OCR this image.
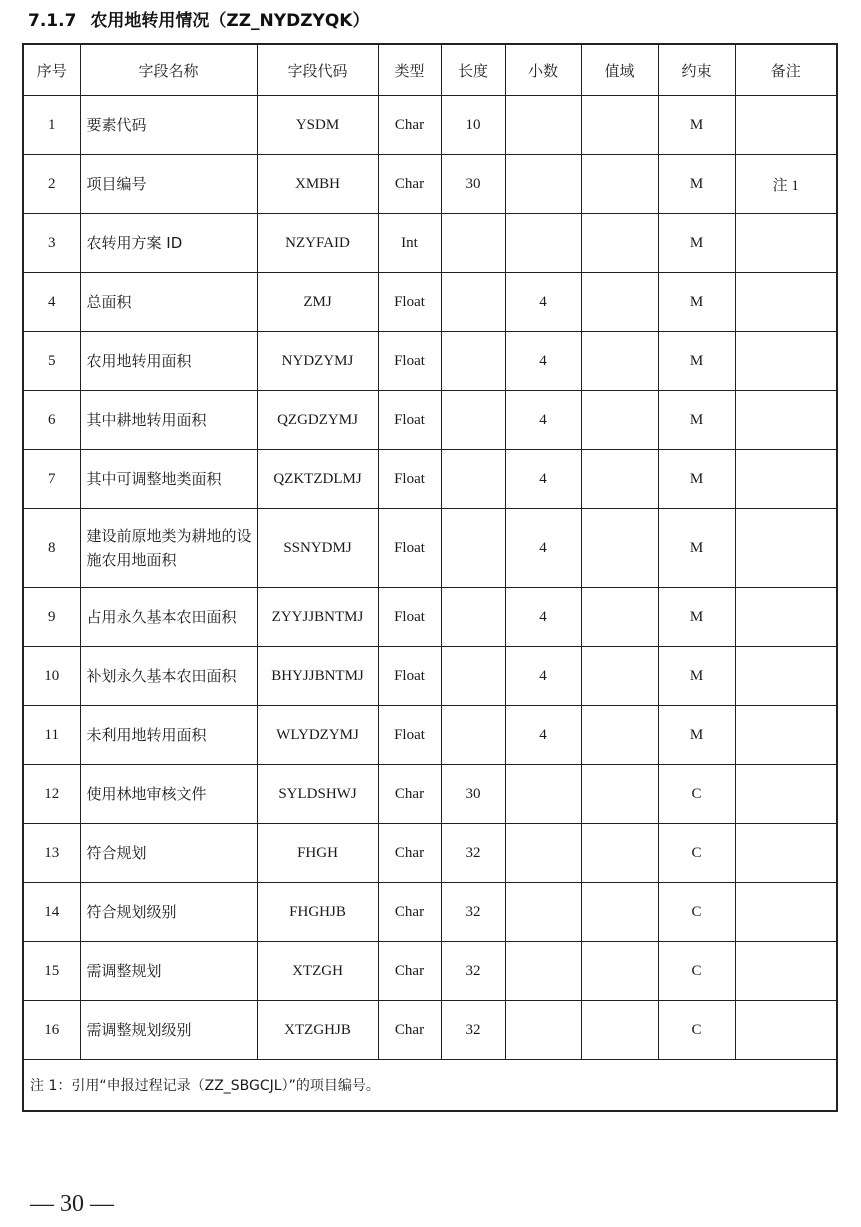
7.1.7 农用地转用情况（ZZ_NYDZYQK）
序号	字段名称	字段代码	类型	长度	小数	值域	约束	备注
1	要素代码	YSDM	Char	10			M	
2	项目编号	XMBH	Char	30			M	注 1
3	农转用方案 ID	NZYFAID	Int				M	
4	总面积	ZMJ	Float		4		M	
5	农用地转用面积	NYDZYMJ	Float		4		M	
6	其中耕地转用面积	QZGDZYMJ	Float		4		M	
7	其中可调整地类面积	QZKTZDLMJ	Float		4		M	
8	建设前原地类为耕地的设施农用地面积	SSNYDMJ	Float		4		M	
9	占用永久基本农田面积	ZYYJJBNTMJ	Float		4		M	
10	补划永久基本农田面积	BHYJJBNTMJ	Float		4		M	
11	未利用地转用面积	WLYDZYMJ	Float		4		M	
12	使用林地审核文件	SYLDSHWJ	Char	30			C	
13	符合规划	FHGH	Char	32			C	
14	符合规划级别	FHGHJB	Char	32			C	
15	需调整规划	XTZGH	Char	32			C	
16	需调整规划级别	XTZGHJB	Char	32			C	
注 1：引用“申报过程记录（ZZ_SBGCJL）”的项目编号。								
— 30 —
